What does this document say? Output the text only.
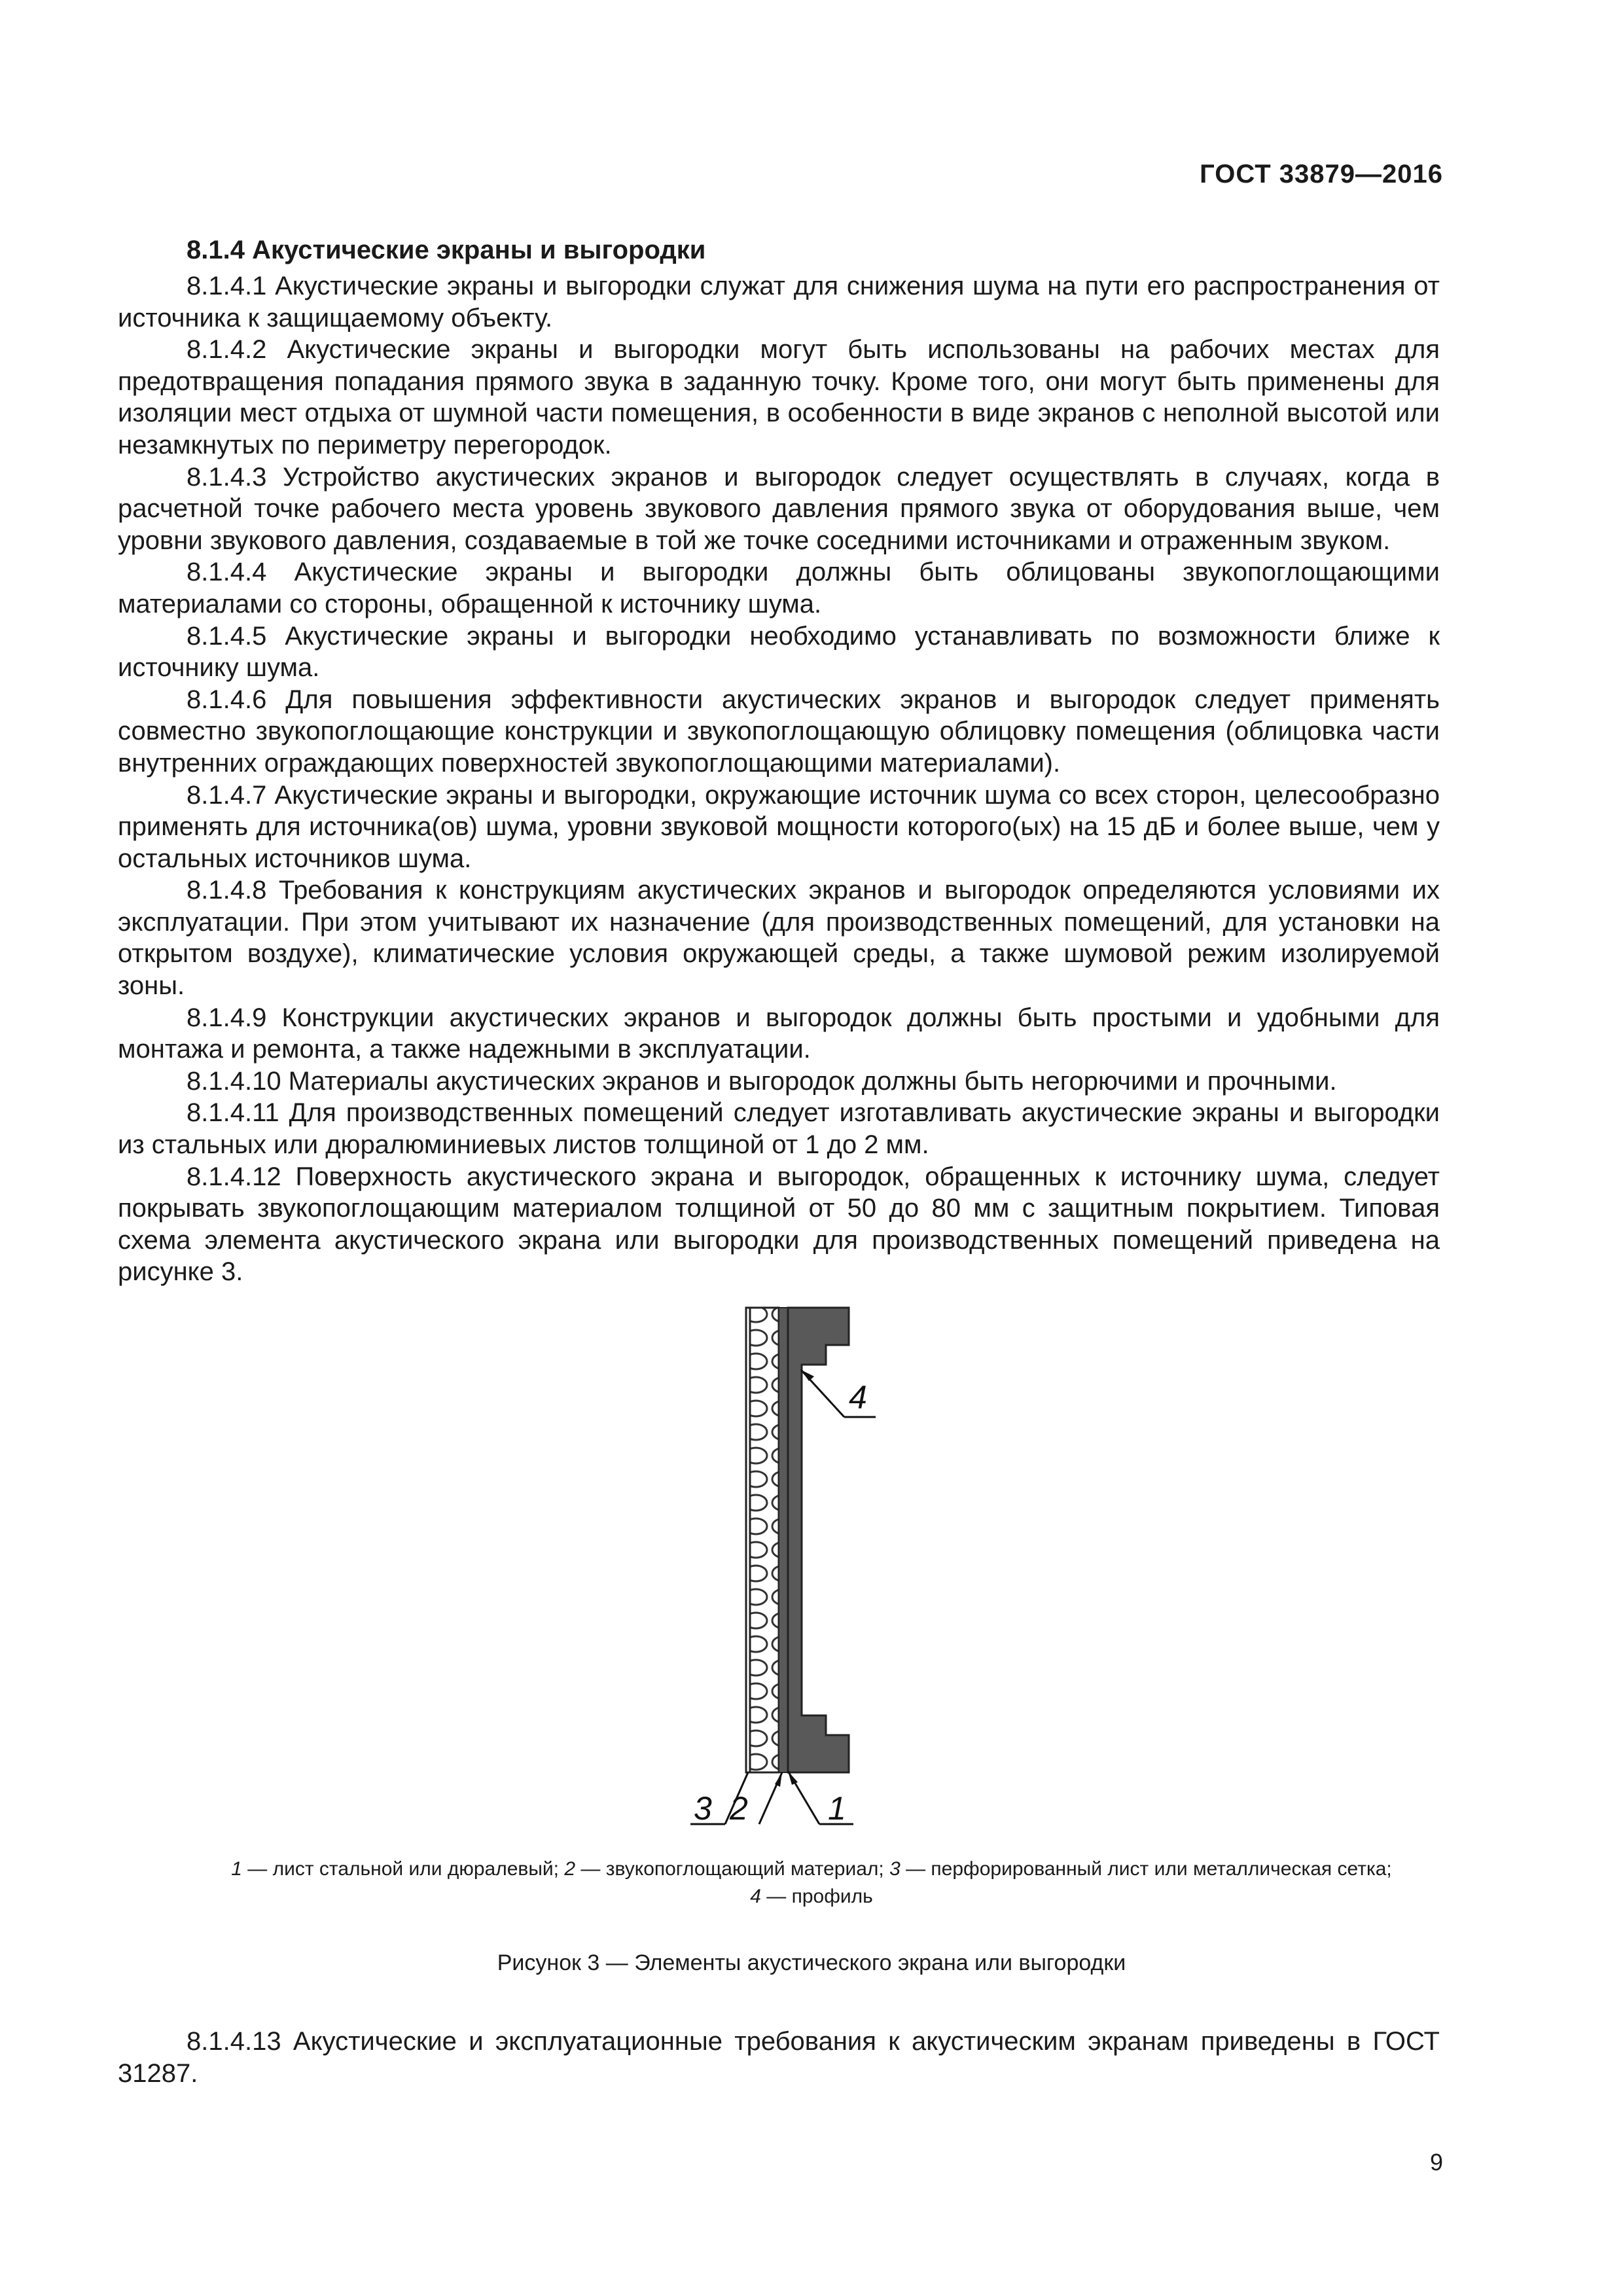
ГОСТ 33879—2016
8.1.4 Акустические экраны и выгородки

8.1.4.1 Акустические экраны и выгородки служат для снижения шума на пути его распространения от источника к защищаемому объекту.

8.1.4.2 Акустические экраны и выгородки могут быть использованы на рабочих местах для предотвращения попадания прямого звука в заданную точку. Кроме того, они могут быть применены для изоляции мест отдыха от шумной части помещения, в особенности в виде экранов с неполной высотой или незамкнутых по периметру перегородок.

8.1.4.3 Устройство акустических экранов и выгородок следует осуществлять в случаях, когда в расчетной точке рабочего места уровень звукового давления прямого звука от оборудования выше, чем уровни звукового давления, создаваемые в той же точке соседними источниками и отраженным звуком.

8.1.4.4 Акустические экраны и выгородки должны быть облицованы звукопоглощающими материалами со стороны, обращенной к источнику шума.

8.1.4.5 Акустические экраны и выгородки необходимо устанавливать по возможности ближе к источнику шума.

8.1.4.6 Для повышения эффективности акустических экранов и выгородок следует применять совместно звукопоглощающие конструкции и звукопоглощающую облицовку помещения (облицовка части внутренних ограждающих поверхностей звукопоглощающими материалами).

8.1.4.7 Акустические экраны и выгородки, окружающие источник шума со всех сторон, целесообразно применять для источника(ов) шума, уровни звуковой мощности которого(ых) на 15 дБ и более выше, чем у остальных источников шума.

8.1.4.8 Требования к конструкциям акустических экранов и выгородок определяются условиями их эксплуатации. При этом учитывают их назначение (для производственных помещений, для установки на открытом воздухе), климатические условия окружающей среды, а также шумовой режим изолируемой зоны.

8.1.4.9 Конструкции акустических экранов и выгородок должны быть простыми и удобными для монтажа и ремонта, а также надежными в эксплуатации.

8.1.4.10 Материалы акустических экранов и выгородок должны быть негорючими и прочными.

8.1.4.11 Для производственных помещений следует изготавливать акустические экраны и выгородки из стальных или дюралюминиевых листов толщиной от 1 до 2 мм.

8.1.4.12 Поверхность акустического экрана и выгородок, обращенных к источнику шума, следует покрывать звукопоглощающим материалом толщиной от 50 до 80 мм с защитным покрытием. Типовая схема элемента акустического экрана или выгородки для производственных помещений приведена на рисунке 3.

4
3 2 1
1 — лист стальной или дюралевый; 2 — звукопоглощающий материал; 3 — перфорированный лист или металлическая сетка;
4 — профиль
Рисунок 3 — Элементы акустического экрана или выгородки

8.1.4.13 Акустические и эксплуатационные требования к акустическим экранам приведены в ГОСТ 31287.

9
